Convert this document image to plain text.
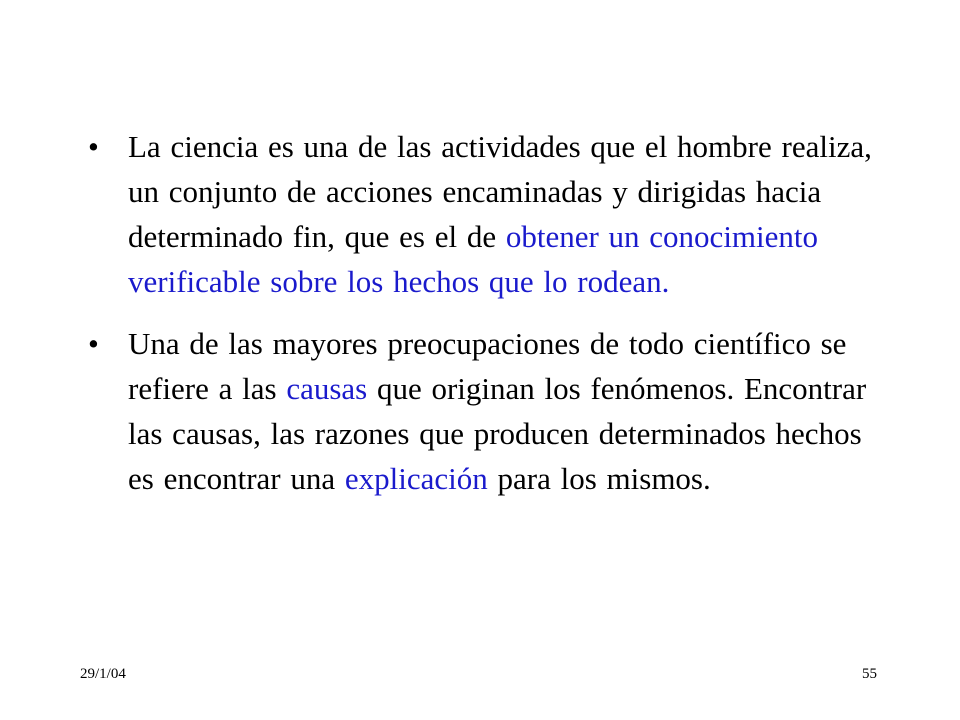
• La ciencia es una de las actividades que el hombre realiza, un conjunto de acciones encaminadas y dirigidas hacia determinado fin, que es el de obtener un conocimiento verificable sobre los hechos que lo rodean.
• Una de las mayores preocupaciones de todo científico se refiere a las causas que originan los fenómenos. Encontrar las causas, las razones que producen determinados hechos es encontrar una explicación para los mismos.
29/1/04	55
